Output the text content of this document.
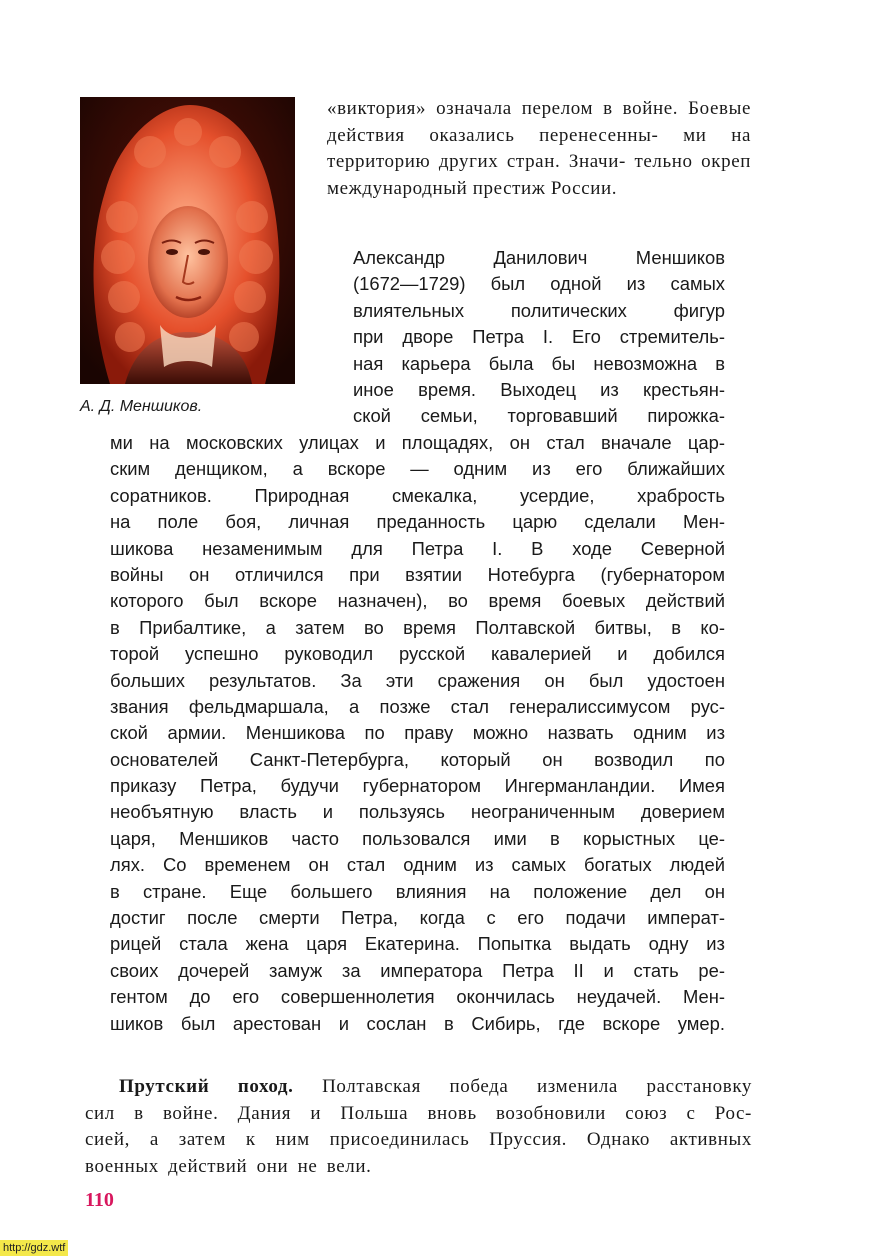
А. Д. Меншиков.

«виктория» означала перелом в войне. Боевые действия оказались перенесенны- ми на территорию других стран. Значи- тельно окреп международный престиж России.

Александр Данилович Меншиков
(1672—1729) был одной из самых
влиятельных политических фигур
при дворе Петра I. Его стремитель-
ная карьера была бы невозможна в
иное время. Выходец из крестьян-
ской семьи, торговавший пирожка-
ми на московских улицах и площадях, он стал вначале цар-
ским денщиком, а вскоре — одним из его ближайших
соратников. Природная смекалка, усердие, храбрость
на поле боя, личная преданность царю сделали Мен-
шикова незаменимым для Петра I. В ходе Северной
войны он отличился при взятии Нотебурга (губернатором
которого был вскоре назначен), во время боевых действий
в Прибалтике, а затем во время Полтавской битвы, в ко-
торой успешно руководил русской кавалерией и добился
больших результатов. За эти сражения он был удостоен
звания фельдмаршала, а позже стал генералиссимусом рус-
ской армии. Меншикова по праву можно назвать одним из
основателей Санкт-Петербурга, который он возводил по
приказу Петра, будучи губернатором Ингерманландии. Имея
необъятную власть и пользуясь неограниченным доверием
царя, Меншиков часто пользовался ими в корыстных це-
лях. Со временем он стал одним из самых богатых людей
в стране. Еще большего влияния на положение дел он
достиг после смерти Петра, когда с его подачи императ-
рицей стала жена царя Екатерина. Попытка выдать одну из
своих дочерей замуж за императора Петра II и стать ре-
гентом до его совершеннолетия окончилась неудачей. Мен-
шиков был арестован и сослан в Сибирь, где вскоре умер.
Прутский поход. Полтавская победа изменила расстановку
сил в войне. Дания и Польша вновь возобновили союз с Рос-
сией, а затем к ним присоединилась Пруссия. Однако активных
военных действий они не вели.
110
http://gdz.wtf
